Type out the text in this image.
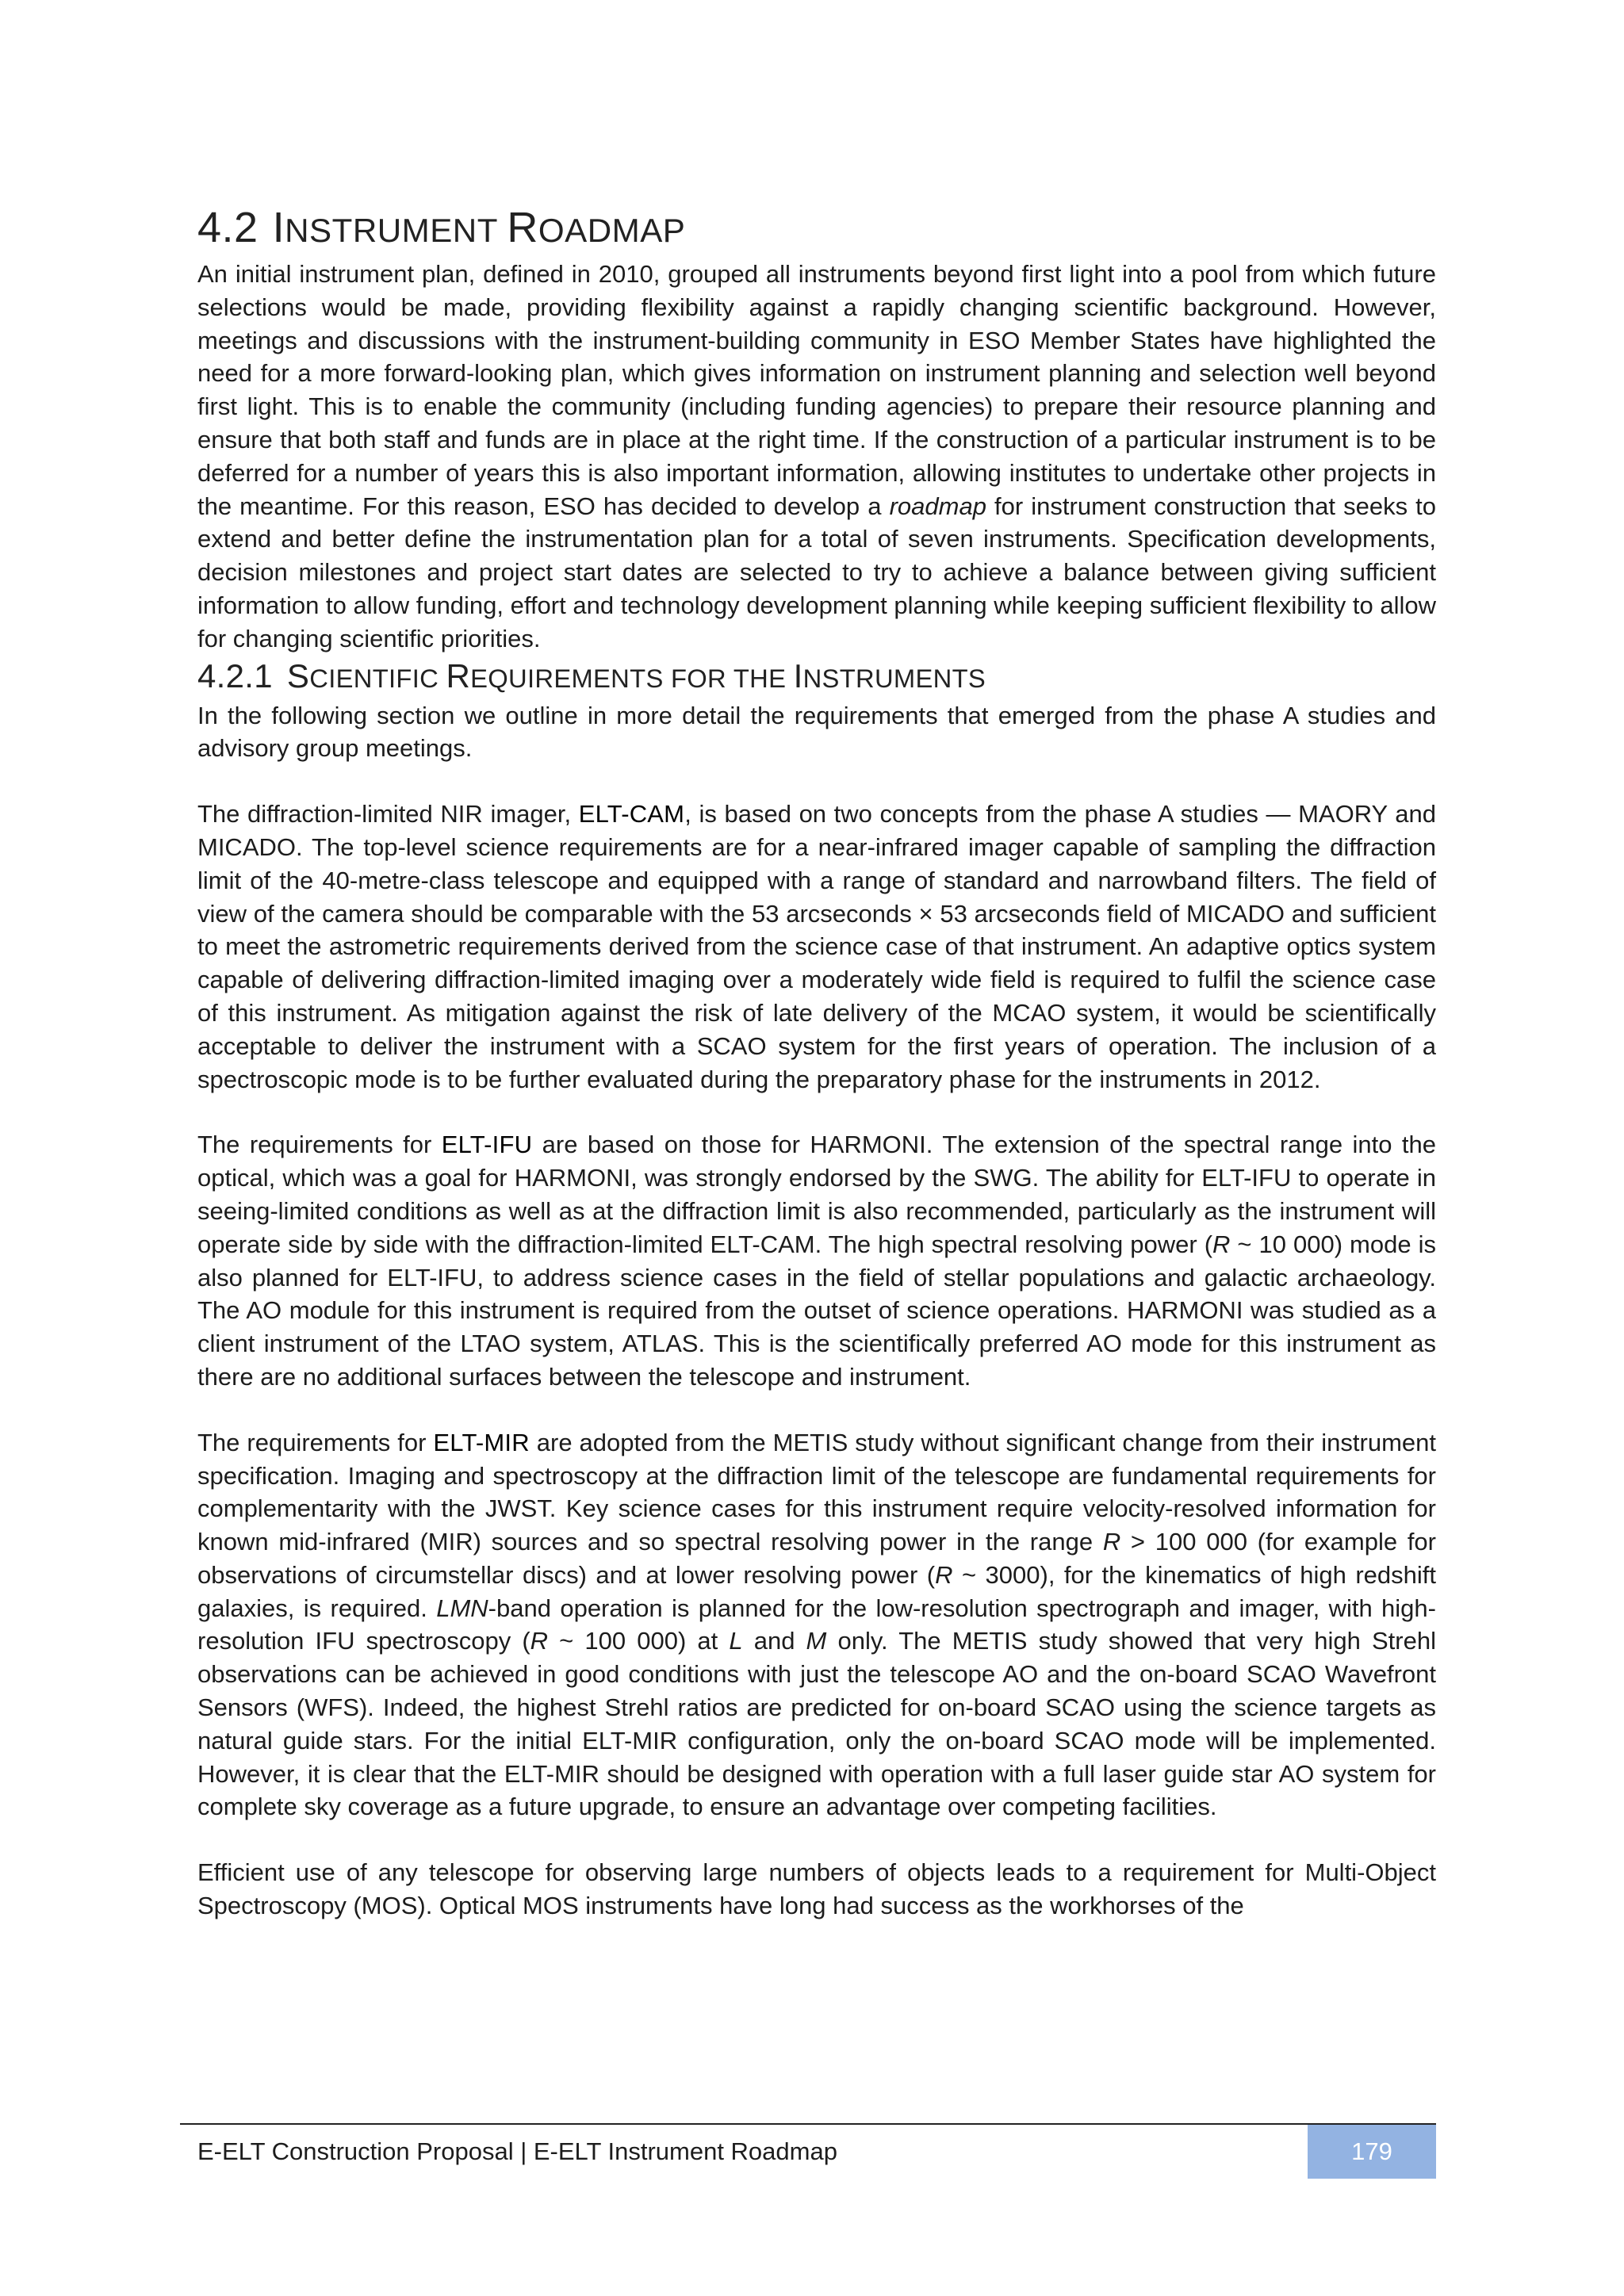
4.2 INSTRUMENT ROADMAP

An initial instrument plan, defined in 2010, grouped all instruments beyond first light into a pool from which future selections would be made, providing flexibility against a rapidly changing scientific background. However, meetings and discussions with the instrument-building community in ESO Member States have highlighted the need for a more forward-looking plan, which gives information on instrument planning and selection well beyond first light. This is to enable the community (including funding agencies) to prepare their resource planning and ensure that both staff and funds are in place at the right time. If the construction of a particular instrument is to be deferred for a number of years this is also important information, allowing institutes to undertake other projects in the meantime. For this reason, ESO has decided to develop a roadmap for instrument construction that seeks to extend and better define the instrumentation plan for a total of seven instruments. Specification developments, decision milestones and project start dates are selected to try to achieve a balance between giving sufficient information to allow funding, effort and technology development planning while keeping sufficient flexibility to allow for changing scientific priorities.

4.2.1 SCIENTIFIC REQUIREMENTS FOR THE INSTRUMENTS

In the following section we outline in more detail the requirements that emerged from the phase A studies and advisory group meetings.

The diffraction-limited NIR imager, ELT-CAM, is based on two concepts from the phase A studies — MAORY and MICADO. The top-level science requirements are for a near-infrared imager capable of sampling the diffraction limit of the 40-metre-class telescope and equipped with a range of standard and narrowband filters. The field of view of the camera should be comparable with the 53 arcseconds × 53 arcseconds field of MICADO and sufficient to meet the astrometric requirements derived from the science case of that instrument. An adaptive optics system capable of delivering diffraction-limited imaging over a moderately wide field is required to fulfil the science case of this instrument. As mitigation against the risk of late delivery of the MCAO system, it would be scientifically acceptable to deliver the instrument with a SCAO system for the first years of operation. The inclusion of a spectroscopic mode is to be further evaluated during the preparatory phase for the instruments in 2012.

The requirements for ELT-IFU are based on those for HARMONI. The extension of the spectral range into the optical, which was a goal for HARMONI, was strongly endorsed by the SWG. The ability for ELT-IFU to operate in seeing-limited conditions as well as at the diffraction limit is also recommended, particularly as the instrument will operate side by side with the diffraction-limited ELT-CAM. The high spectral resolving power (R ~ 10 000) mode is also planned for ELT-IFU, to address science cases in the field of stellar populations and galactic archaeology. The AO module for this instrument is required from the outset of science operations. HARMONI was studied as a client instrument of the LTAO system, ATLAS. This is the scientifically preferred AO mode for this instrument as there are no additional surfaces between the telescope and instrument.

The requirements for ELT-MIR are adopted from the METIS study without significant change from their instrument specification. Imaging and spectroscopy at the diffraction limit of the telescope are fundamental requirements for complementarity with the JWST. Key science cases for this instrument require velocity-resolved information for known mid-infrared (MIR) sources and so spectral resolving power in the range R > 100 000 (for example for observations of circumstellar discs) and at lower resolving power (R ~ 3000), for the kinematics of high redshift galaxies, is required. LMN-band operation is planned for the low-resolution spectrograph and imager, with high-resolution IFU spectroscopy (R ~ 100 000) at L and M only. The METIS study showed that very high Strehl observations can be achieved in good conditions with just the telescope AO and the on-board SCAO Wavefront Sensors (WFS). Indeed, the highest Strehl ratios are predicted for on-board SCAO using the science targets as natural guide stars. For the initial ELT-MIR configuration, only the on-board SCAO mode will be implemented. However, it is clear that the ELT-MIR should be designed with operation with a full laser guide star AO system for complete sky coverage as a future upgrade, to ensure an advantage over competing facilities.

Efficient use of any telescope for observing large numbers of objects leads to a requirement for Multi-Object Spectroscopy (MOS). Optical MOS instruments have long had success as the workhorses of the

E-ELT Construction Proposal | E-ELT Instrument Roadmap	179
